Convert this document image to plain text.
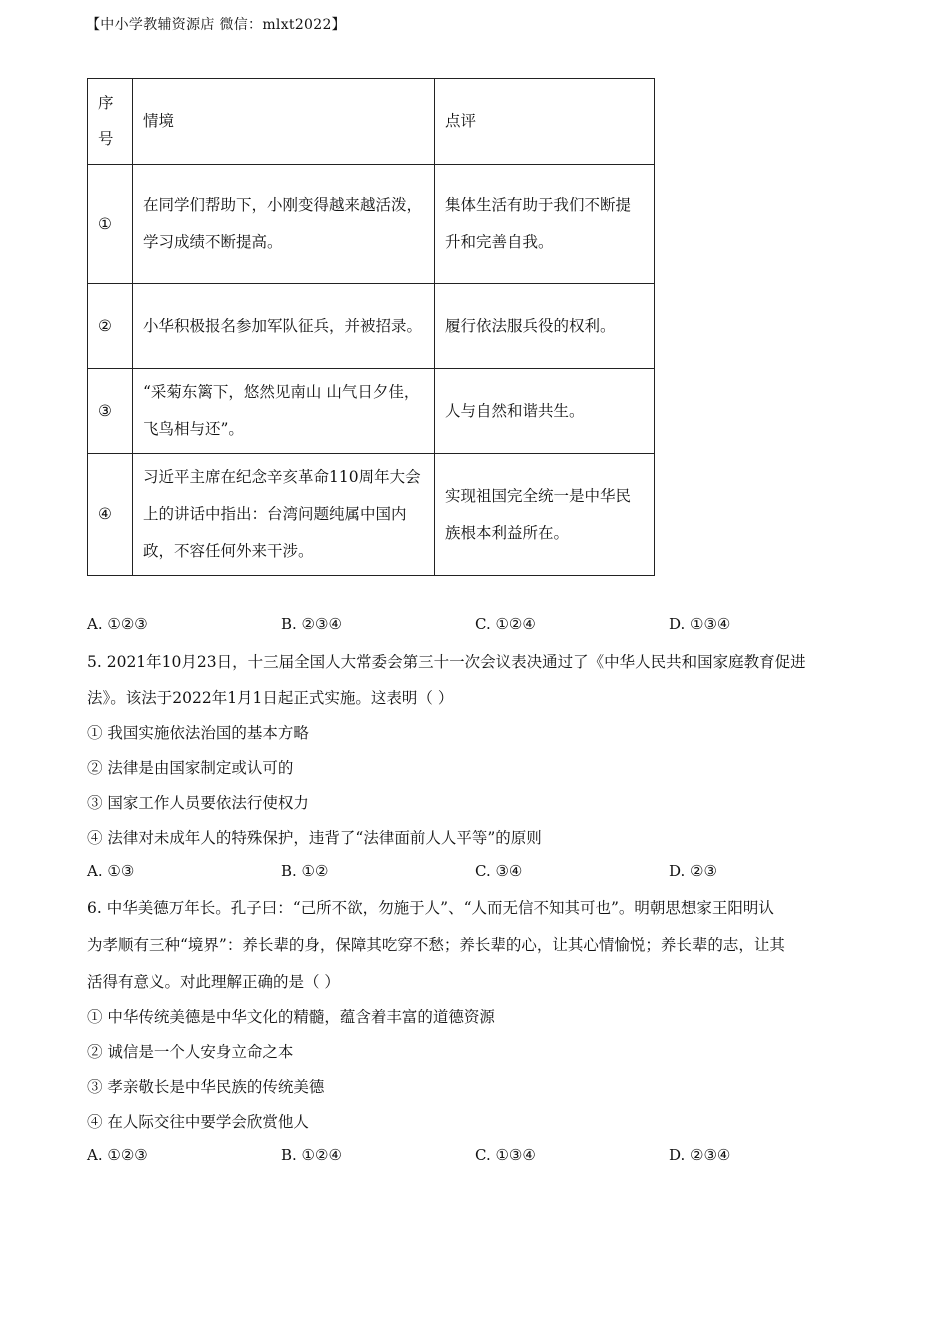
【中小学教辅资源店 微信：mlxt2022】
序号	情境	点评
①	在同学们帮助下，小刚变得越来越活泼，学习成绩不断提高。	集体生活有助于我们不断提升和完善自我。
②	小华积极报名参加军队征兵，并被招录。	履行依法服兵役的权利。
③	“采菊东篱下，悠然见南山 山气日夕佳，飞鸟相与还”。	人与自然和谐共生。
④	习近平主席在纪念辛亥革命110周年大会上的讲话中指出：台湾问题纯属中国内政，不容任何外来干涉。	实现祖国完全统一是中华民族根本利益所在。
A. ①②③	B. ②③④	C. ①②④	D. ①③④
5. 2021年10月23日，十三届全国人大常委会第三十一次会议表决通过了《中华人民共和国家庭教育促进
法》。该法于2022年1月1日起正式实施。这表明（ ）
① 我国实施依法治国的基本方略
② 法律是由国家制定或认可的
③ 国家工作人员要依法行使权力
④ 法律对未成年人的特殊保护，违背了“法律面前人人平等”的原则
A. ①③	B. ①②	C. ③④	D. ②③
6. 中华美德万年长。孔子曰：“己所不欲，勿施于人”、“人而无信不知其可也”。明朝思想家王阳明认
为孝顺有三种“境界”：养长辈的身，保障其吃穿不愁；养长辈的心，让其心情愉悦；养长辈的志，让其
活得有意义。对此理解正确的是（ ）
① 中华传统美德是中华文化的精髓，蕴含着丰富的道德资源
② 诚信是一个人安身立命之本
③ 孝亲敬长是中华民族的传统美德
④ 在人际交往中要学会欣赏他人
A. ①②③	B. ①②④	C. ①③④	D. ②③④
